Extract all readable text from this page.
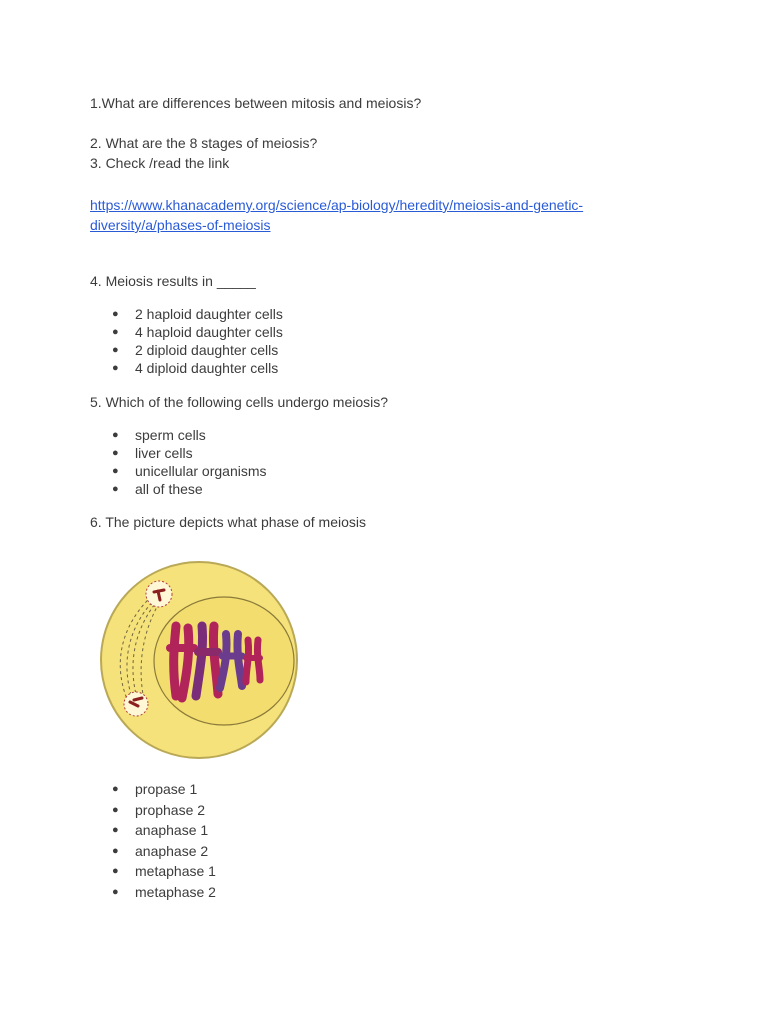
1.What are differences between mitosis and meiosis?
2. What are the 8 stages of meiosis?
3. Check /read the link
https://www.khanacademy.org/science/ap-biology/heredity/meiosis-and-genetic-
diversity/a/phases-of-meiosis
4. Meiosis results in _____
● 2 haploid daughter cells
● 4 haploid daughter cells
● 2 diploid daughter cells
● 4 diploid daughter cells
5. Which of the following cells undergo meiosis?
● sperm cells
● liver cells
● unicellular organisms
● all of these
6. The picture depicts what phase of meiosis
● propase 1
● prophase 2
● anaphase 1
● anaphase 2
● metaphase 1
● metaphase 2
